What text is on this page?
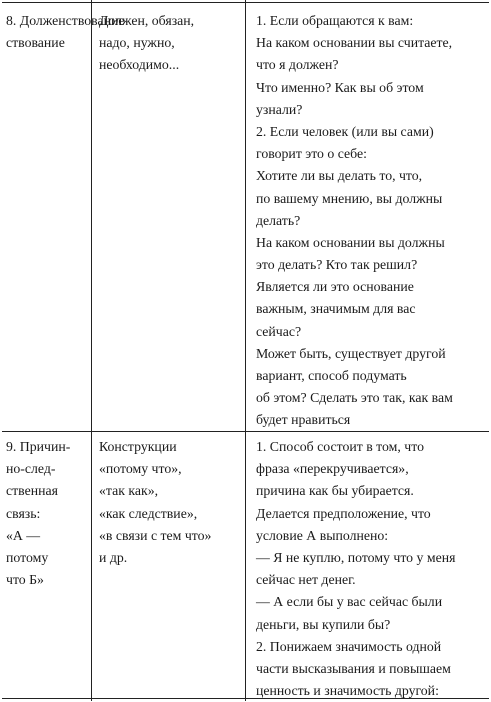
8. Долженствование
ствование
Должен, обязан,
надо, нужно,
необходимо...
1. Если обращаются к вам:
На каком основании вы считаете,
что я должен?
Что именно? Как вы об этом
узнали?
2. Если человек (или вы сами)
говорит это о себе:
Хотите ли вы делать то, что,
по вашему мнению, вы должны
делать?
На каком основании вы должны
это делать? Кто так решил?
Является ли это основание
важным, значимым для вас
сейчас?
Может быть, существует другой
вариант, способ подумать
об этом? Сделать это так, как вам
будет нравиться
9. Причин-
но-след-
ственная
связь:
«А —
потому
что Б»
Конструкции
«потому что»,
«так как»,
«как следствие»,
«в связи с тем что»
и др.
1. Способ состоит в том, что
фраза «перекручивается»,
причина как бы убирается.
Делается предположение, что
условие А выполнено:
— Я не куплю, потому что у меня
сейчас нет денег.
— А если бы у вас сейчас были
деньги, вы купили бы?
2. Понижаем значимость одной
части высказывания и повышаем
ценность и значимость другой:
